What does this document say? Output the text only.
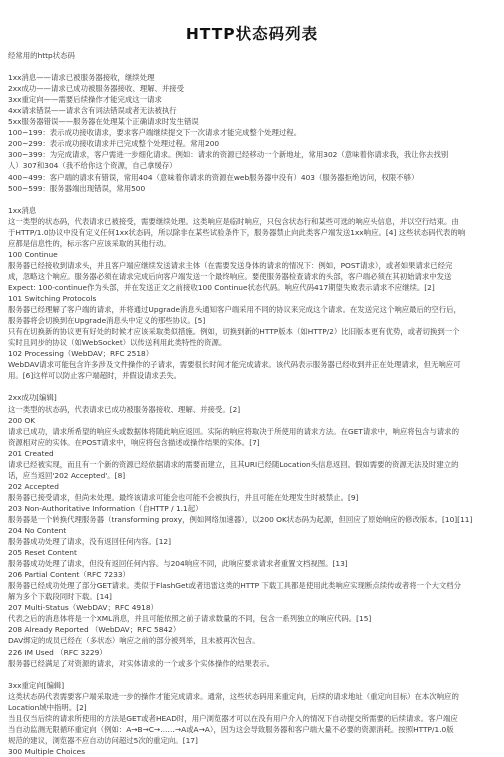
HTTP状态码列表
经常用的http状态码
1xx消息——请求已被服务器接收，继续处理
2xx成功——请求已成功被服务器接收、理解、并接受
3xx重定向——需要后续操作才能完成这一请求
4xx请求错误——请求含有词法错误或者无法被执行
5xx服务器错误——服务器在处理某个正确请求时发生错误
100~199：表示成功接收请求，要求客户端继续提交下一次请求才能完成整个处理过程。
200~299：表示成功接收请求并已完成整个处理过程。常用200
300~399：为完成请求，客户需进一步细化请求。例如：请求的资源已经移动一个新地址，常用302（意味着你请求我，我让你去找别
人）307和304（我不给你这个资源，自己拿缓存）
400~499：客户端的请求有错误，常用404（意味着你请求的资源在web服务器中没有）403（服务器拒绝访问，权限不够）
500~599：服务器端出现错误，常用500
1xx消息
这一类型的状态码，代表请求已被接受，需要继续处理。这类响应是临时响应，只包含状态行和某些可选的响应头信息，并以空行结束。由
于HTTP/1.0协议中没有定义任何1xx状态码，所以除非在某些试验条件下，服务器禁止向此类客户端发送1xx响应。[4] 这些状态码代表的响
应都是信息性的，标示客户应该采取的其他行动。
100 Continue
服务器已经接收到请求头，并且客户端应继续发送请求主体（在需要发送身体的请求的情况下：例如，POST请求），或者如果请求已经完
成，忽略这个响应。服务器必须在请求完成后向客户端发送一个最终响应。要使服务器检查请求的头部，客户端必须在其初始请求中发送
Expect: 100-continue作为头部，并在发送正文之前接收100 Continue状态代码。响应代码417期望失败表示请求不应继续。[2]
101 Switching Protocols
服务器已经理解了客户端的请求，并将通过Upgrade消息头通知客户端采用不同的协议来完成这个请求。在发送完这个响应最后的空行后，
服务器将会切换到在Upgrade消息头中定义的那些协议。[5]
只有在切换新的协议更有好处的时候才应该采取类似措施。例如，切换到新的HTTP版本（如HTTP/2）比旧版本更有优势，或者切换到一个
实时且同步的协议（如WebSocket）以传送利用此类特性的资源。
102 Processing（WebDAV；RFC 2518）
WebDAV请求可能包含许多涉及文件操作的子请求，需要很长时间才能完成请求。该代码表示服务器已经收到并正在处理请求，但无响应可
用。[6]这样可以防止客户端超时，并假设请求丢失。
2xx成功[编辑]
这一类型的状态码，代表请求已成功被服务器接收、理解、并接受。[2]
200 OK
请求已成功，请求所希望的响应头或数据体将随此响应返回。实际的响应将取决于所使用的请求方法。在GET请求中，响应将包含与请求的
资源相对应的实体。在POST请求中，响应将包含描述或操作结果的实体。[7]
201 Created
请求已经被实现，而且有一个新的资源已经依据请求的需要而建立，且其URI已经随Location头信息返回。假如需要的资源无法及时建立的
话，应当返回'202 Accepted'。[8]
202 Accepted
服务器已接受请求，但尚未处理。最终该请求可能会也可能不会被执行，并且可能在处理发生时被禁止。[9]
203 Non-Authoritative Information（自HTTP / 1.1起）
服务器是一个转换代理服务器（transforming proxy，例如网络加速器），以200 OK状态码为起源，但回应了原始响应的修改版本。[10][11]
204 No Content
服务器成功处理了请求，没有返回任何内容。[12]
205 Reset Content
服务器成功处理了请求，但没有返回任何内容。与204响应不同，此响应要求请求者重置文档视图。[13]
206 Partial Content（RFC 7233）
服务器已经成功处理了部分GET请求。类似于FlashGet或者迅雷这类的HTTP 下载工具都是使用此类响应实现断点续传或者将一个大文档分
解为多个下载段同时下载。[14]
207 Multi-Status（WebDAV；RFC 4918）
代表之后的消息体将是一个XML消息，并且可能依照之前子请求数量的不同，包含一系列独立的响应代码。[15]
208 Already Reported （WebDAV；RFC 5842）
DAV绑定的成员已经在（多状态）响应之前的部分被列举，且未被再次包含。
226 IM Used （RFC 3229）
服务器已经满足了对资源的请求，对实体请求的一个或多个实体操作的结果表示。
3xx重定向[编辑]
这类状态码代表需要客户端采取进一步的操作才能完成请求。通常，这些状态码用来重定向，后续的请求地址（重定向目标）在本次响应的
Location域中指明。[2]
当且仅当后续的请求所使用的方法是GET或者HEAD时，用户浏览器才可以在没有用户介入的情况下自动提交所需要的后续请求。客户端应
当自动监测无限循环重定向（例如：A→B→C→……→A或A→A），因为这会导致服务器和客户端大量不必要的资源消耗。按照HTTP/1.0版
规范的建议，浏览器不应自动访问超过5次的重定向。[17]
300 Multiple Choices
